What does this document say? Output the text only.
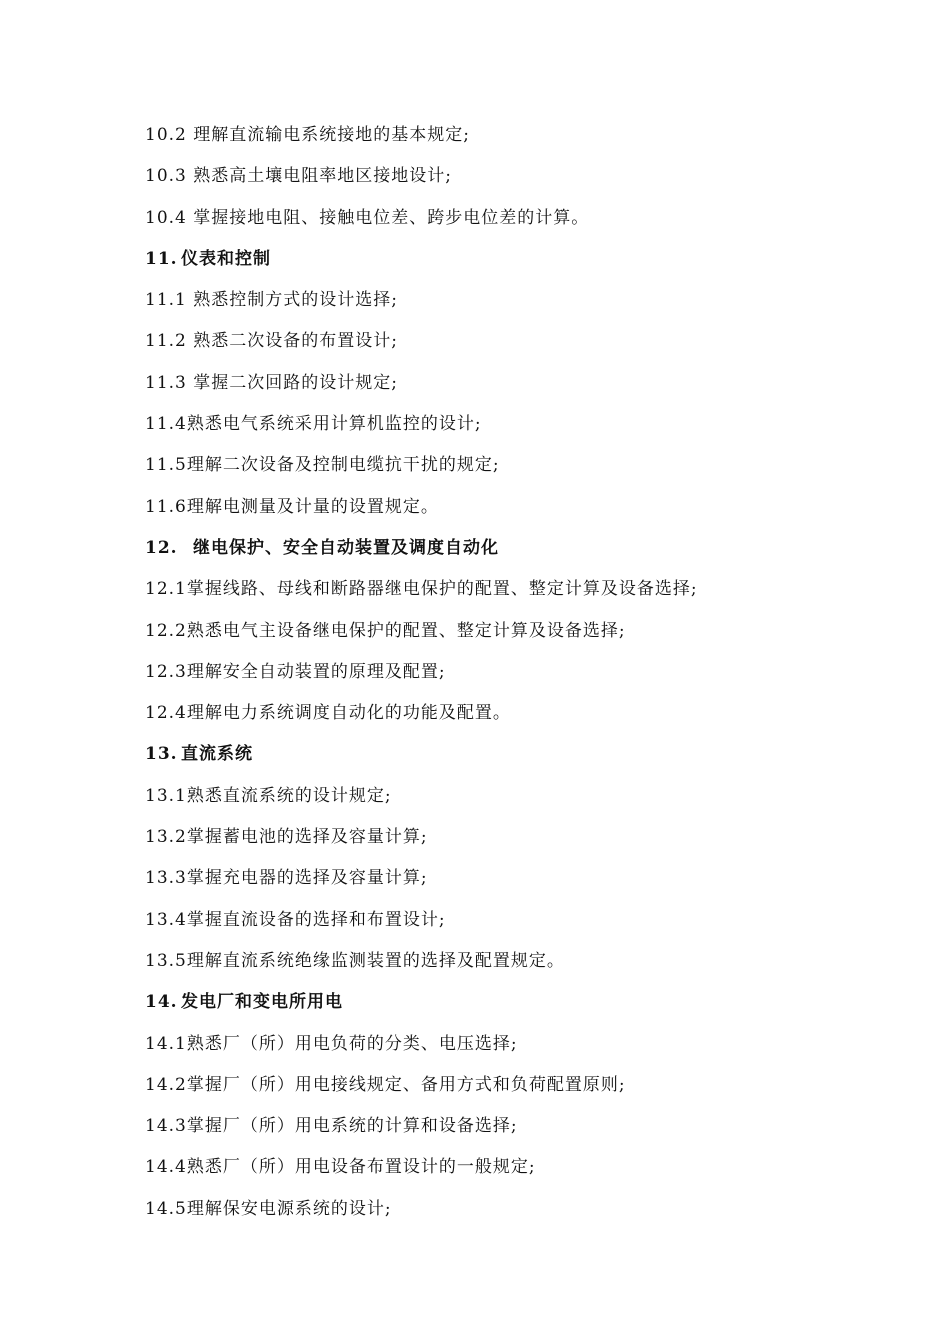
10.2 理解直流输电系统接地的基本规定;
10.3 熟悉高土壤电阻率地区接地设计;
10.4 掌握接地电阻、接触电位差、跨步电位差的计算。
11. 仪表和控制
11.1 熟悉控制方式的设计选择;
11.2 熟悉二次设备的布置设计;
11.3 掌握二次回路的设计规定;
11.4熟悉电气系统采用计算机监控的设计;
11.5理解二次设备及控制电缆抗干扰的规定;
11.6理解电测量及计量的设置规定。
12. 继电保护、安全自动装置及调度自动化
12.1掌握线路、母线和断路器继电保护的配置、整定计算及设备选择;
12.2熟悉电气主设备继电保护的配置、整定计算及设备选择;
12.3理解安全自动装置的原理及配置;
12.4理解电力系统调度自动化的功能及配置。
13. 直流系统
13.1熟悉直流系统的设计规定;
13.2掌握蓄电池的选择及容量计算;
13.3掌握充电器的选择及容量计算;
13.4掌握直流设备的选择和布置设计;
13.5理解直流系统绝缘监测装置的选择及配置规定。
14. 发电厂和变电所用电
14.1熟悉厂（所）用电负荷的分类、电压选择;
14.2掌握厂（所）用电接线规定、备用方式和负荷配置原则;
14.3掌握厂（所）用电系统的计算和设备选择;
14.4熟悉厂（所）用电设备布置设计的一般规定;
14.5理解保安电源系统的设计;
